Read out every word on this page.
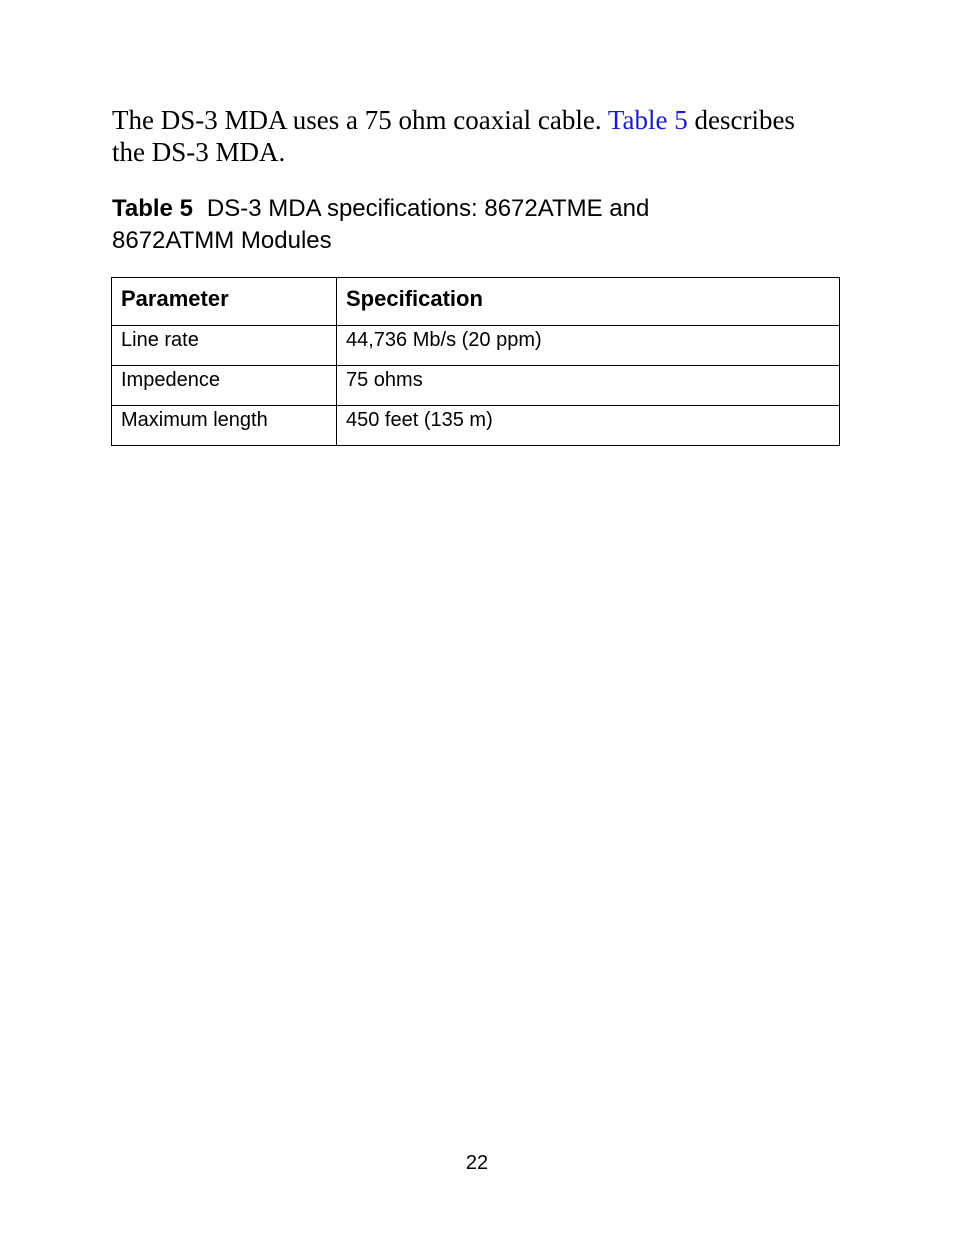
The DS-3 MDA uses a 75 ohm coaxial cable. Table 5 describes the DS-3 MDA.

Table 5 DS-3 MDA specifications: 8672ATME and 8672ATMM Modules

Parameter	Specification
Line rate	44,736 Mb/s (20 ppm)
Impedence	75 ohms
Maximum length	450 feet (135 m)
22
